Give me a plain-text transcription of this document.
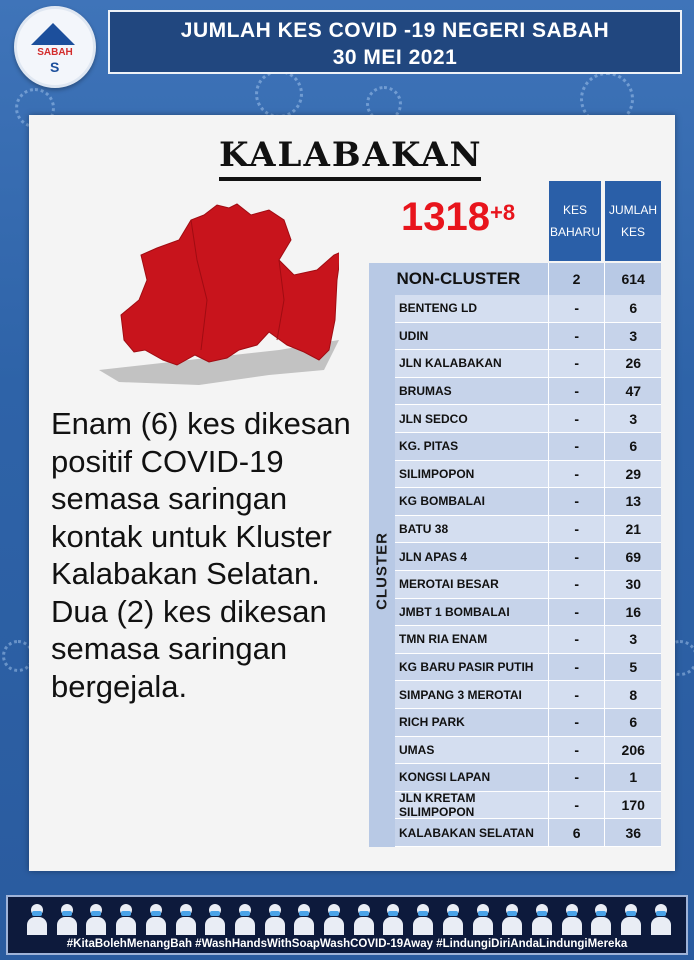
SABAH
S
JUMLAH KES COVID -19 NEGERI SABAH
30 MEI 2021
KALABAKAN
$1318^{+8}$
Enam (6) kes dikesan positif COVID-19 semasa saringan kontak untuk Kluster Kalabakan Selatan. Dua (2) kes dikesan semasa saringan bergejala.
KES BAHARU
JUMLAH KES
NON-CLUSTER	2	614
CLUSTER
BENTENG LD	-	6
UDIN	-	3
JLN KALABAKAN	-	26
BRUMAS	-	47
JLN SEDCO	-	3
KG. PITAS	-	6
SILIMPOPON	-	29
KG BOMBALAI	-	13
BATU 38	-	21
JLN APAS 4	-	69
MEROTAI BESAR	-	30
JMBT 1 BOMBALAI	-	16
TMN RIA ENAM	-	3
KG BARU PASIR PUTIH	-	5
SIMPANG 3 MEROTAI	-	8
RICH PARK	-	6
UMAS	-	206
KONGSI LAPAN	-	1
JLN KRETAM SILIMPOPON	-	170
KALABAKAN SELATAN	6	36
#KitaBolehMenangBah #WashHandsWithSoapWashCOVID-19Away #LindungiDiriAndaLindungiMereka
